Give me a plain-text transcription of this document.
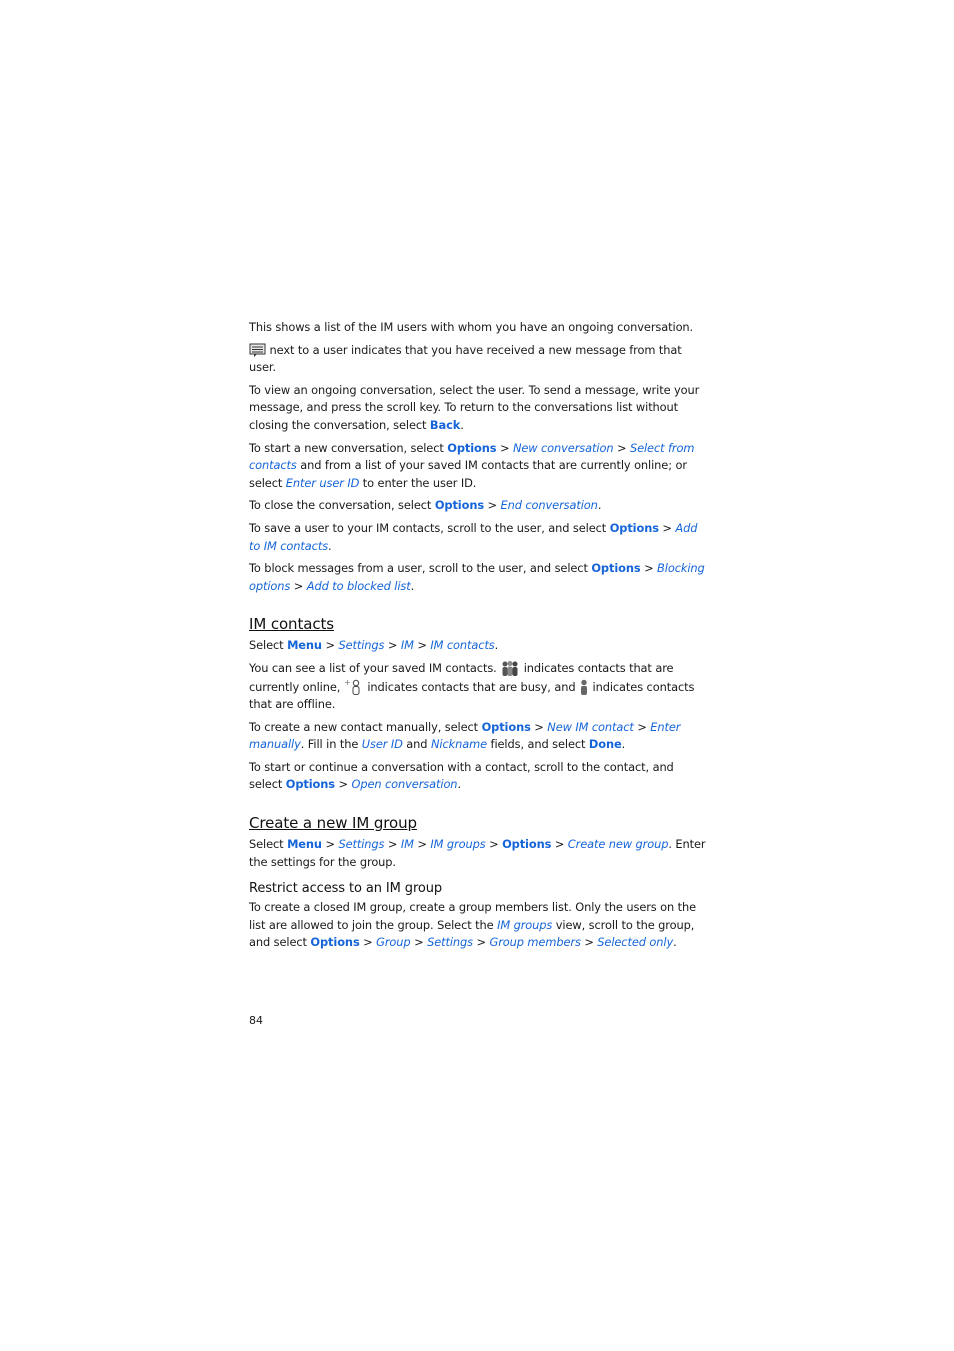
This shows a list of the IM users with whom you have an ongoing conversation.

next to a user indicates that you have received a new message from that user.

To view an ongoing conversation, select the user. To send a message, write your message, and press the scroll key. To return to the conversations list without closing the conversation, select Back.

To start a new conversation, select Options > New conversation > Select from contacts and from a list of your saved IM contacts that are currently online; or select Enter user ID to enter the user ID.

To close the conversation, select Options > End conversation.

To save a user to your IM contacts, scroll to the user, and select Options > Add to IM contacts.

To block messages from a user, scroll to the user, and select Options > Blocking options > Add to blocked list.

IM contacts

Select Menu > Settings > IM > IM contacts.

You can see a list of your saved IM contacts.  indicates contacts that are currently online, + indicates contacts that are busy, and  indicates contacts that are offline.

To create a new contact manually, select Options > New IM contact > Enter manually. Fill in the User ID and Nickname fields, and select Done.

To start or continue a conversation with a contact, scroll to the contact, and select Options > Open conversation.

Create a new IM group

Select Menu > Settings > IM > IM groups > Options > Create new group. Enter the settings for the group.

Restrict access to an IM group

To create a closed IM group, create a group members list. Only the users on the list are allowed to join the group. Select the IM groups view, scroll to the group, and select Options > Group > Settings > Group members > Selected only.

84
